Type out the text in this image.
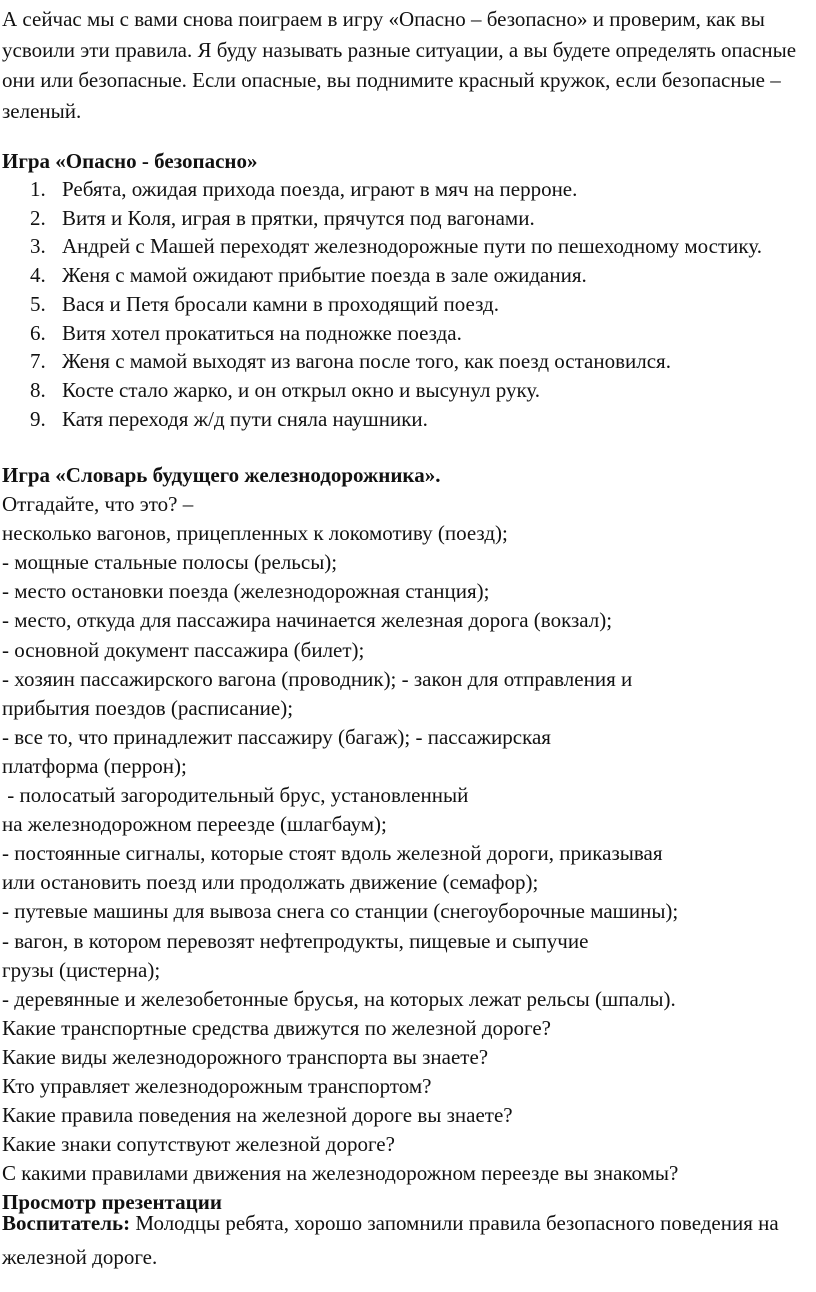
А сейчас мы с вами снова поиграем в игру «Опасно – безопасно» и проверим, как вы усвоили эти правила. Я буду называть разные ситуации, а вы будете определять опасные они или безопасные. Если опасные, вы поднимите красный кружок, если безопасные – зеленый.

Игра «Опасно - безопасно»

1. Ребята, ожидая прихода поезда, играют в мяч на перроне.
2. Витя и Коля, играя в прятки, прячутся под вагонами.
3. Андрей с Машей переходят железнодорожные пути по пешеходному мостику.
4. Женя с мамой ожидают прибытие поезда в зале ожидания.
5. Вася и Петя бросали камни в проходящий поезд.
6. Витя хотел прокатиться на подножке поезда.
7. Женя с мамой выходят из вагона после того, как поезд остановился.
8. Косте стало жарко, и он открыл окно и высунул руку.
9. Катя переходя ж/д пути сняла наушники.

Игра «Словарь будущего железнодорожника».

Отгадайте, что это? –

несколько вагонов, прицепленных к локомотиву (поезд);

- мощные стальные полосы (рельсы);

- место остановки поезда (железнодорожная станция);

- место, откуда для пассажира начинается железная дорога (вокзал);

- основной документ пассажира (билет);

- хозяин пассажирского вагона (проводник); - закон для отправления и

прибытия поездов (расписание);

- все то, что принадлежит пассажиру (багаж); - пассажирская

платформа (перрон);

- полосатый загородительный брус, установленный

на железнодорожном переезде (шлагбаум);

- постоянные сигналы, которые стоят вдоль железной дороги, приказывая

или остановить поезд или продолжать движение (семафор);

- путевые машины для вывоза снега со станции (снегоуборочные машины);

- вагон, в котором перевозят нефтепродукты, пищевые и сыпучие

грузы (цистерна);

- деревянные и железобетонные брусья, на которых лежат рельсы (шпалы).

Какие транспортные средства движутся по железной дороге?

Какие виды железнодорожного транспорта вы знаете?

Кто управляет железнодорожным транспортом?

Какие правила поведения на железной дороге вы знаете?

Какие знаки сопутствуют железной дороге?

С какими правилами движения на железнодорожном переезде вы знакомы?

Просмотр презентации

Воспитатель: Молодцы ребята, хорошо запомнили правила безопасного поведения на железной дороге.
